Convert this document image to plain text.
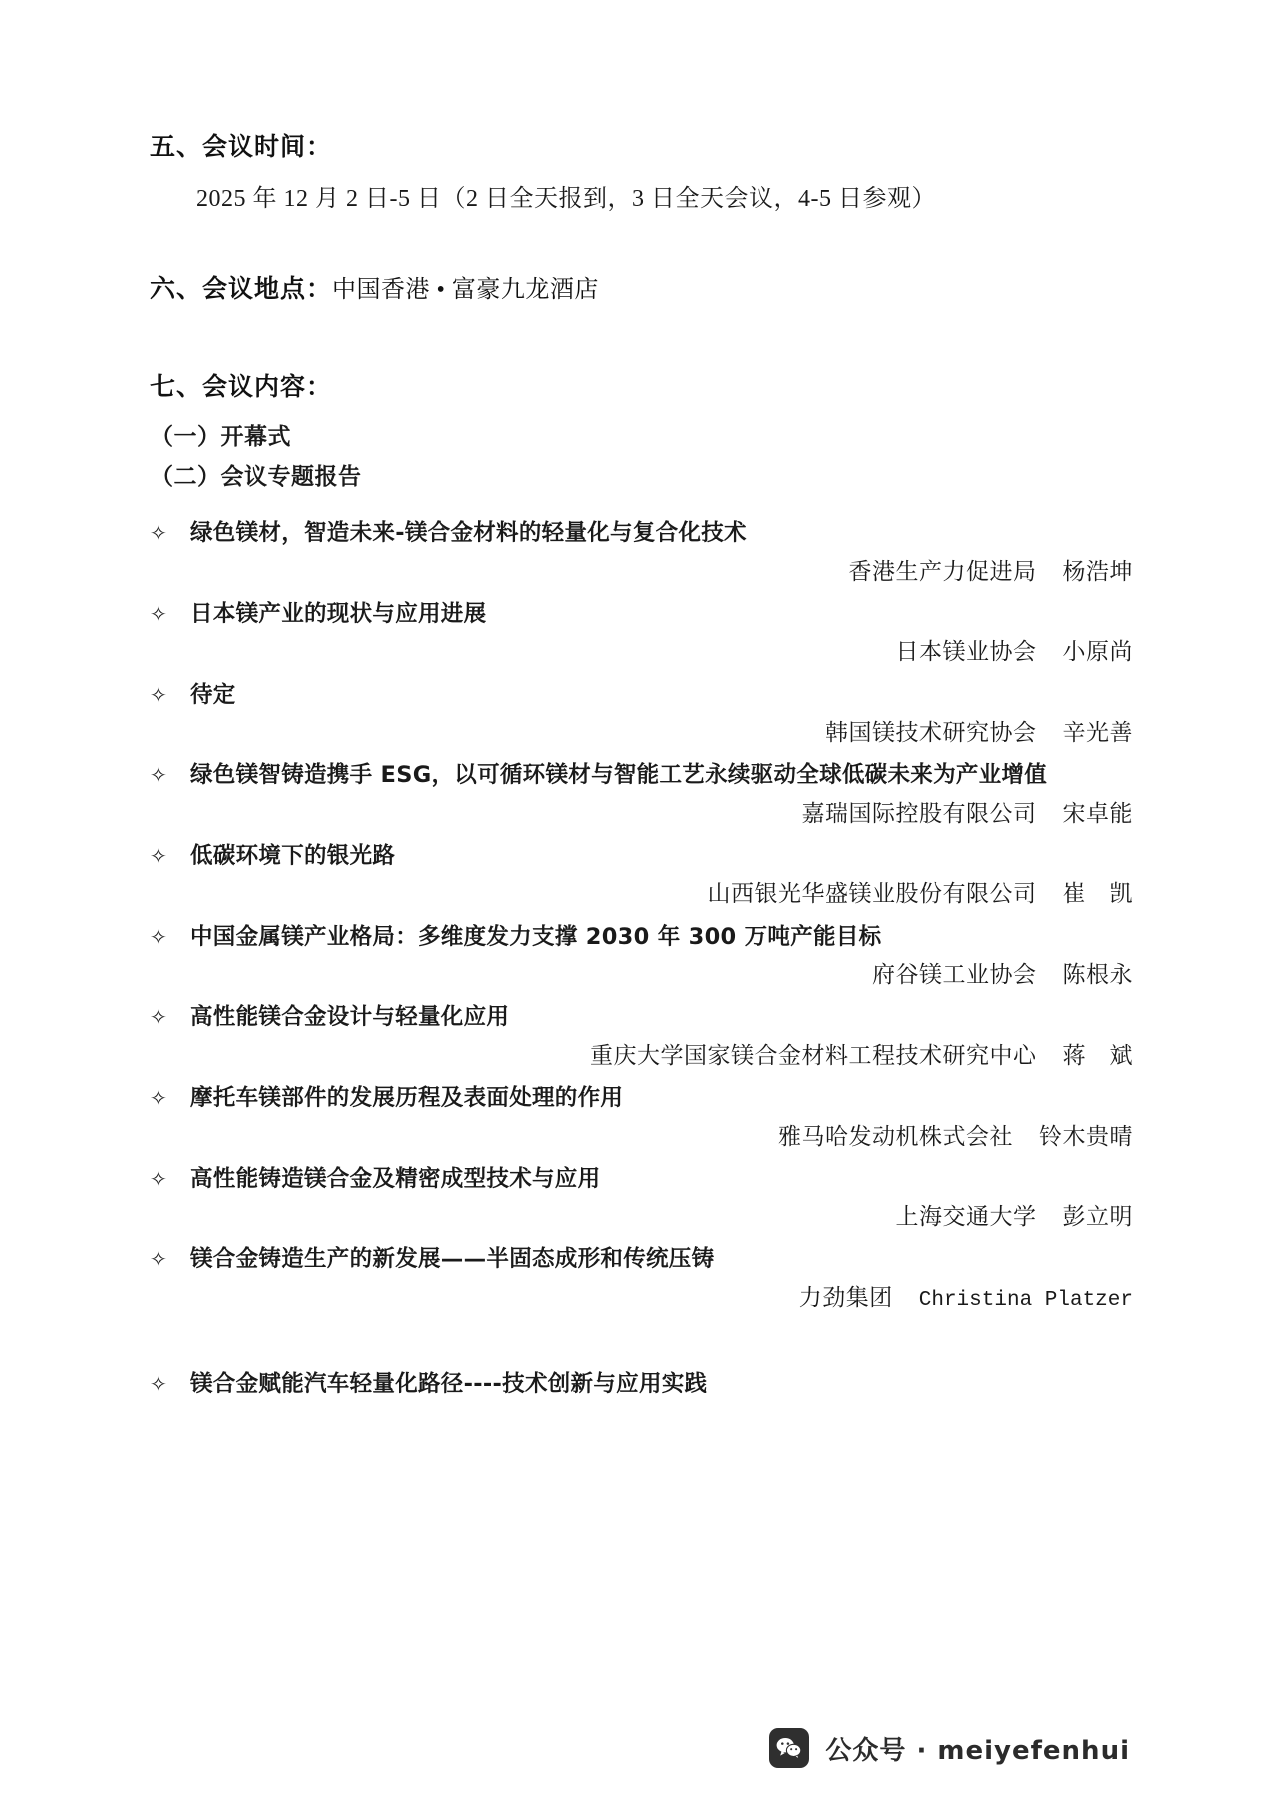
五、会议时间：
2025 年 12 月 2 日-5 日（2 日全天报到，3 日全天会议，4-5 日参观）
六、会议地点：中国香港 • 富豪九龙酒店
七、会议内容：
（一）开幕式
（二）会议专题报告
✧	绿色镁材，智造未来-镁合金材料的轻量化与复合化技术
香港生产力促进局 杨浩坤
✧	日本镁产业的现状与应用进展
日本镁业协会 小原尚
✧	待定
韩国镁技术研究协会 辛光善
✧	绿色镁智铸造携手 ESG，以可循环镁材与智能工艺永续驱动全球低碳未来为产业增值
嘉瑞国际控股有限公司 宋卓能
✧	低碳环境下的银光路
山西银光华盛镁业股份有限公司 崔　凯
✧	中国金属镁产业格局：多维度发力支撑 2030 年 300 万吨产能目标
府谷镁工业协会 陈根永
✧	高性能镁合金设计与轻量化应用
重庆大学国家镁合金材料工程技术研究中心 蒋　斌
✧	摩托车镁部件的发展历程及表面处理的作用
雅马哈发动机株式会社 铃木贵晴
✧	高性能铸造镁合金及精密成型技术与应用
上海交通大学 彭立明
✧	镁合金铸造生产的新发展——半固态成形和传统压铸
力劲集团 Christina Platzer
✧	镁合金赋能汽车轻量化路径----技术创新与应用实践
公众号 · meiyefenhui
